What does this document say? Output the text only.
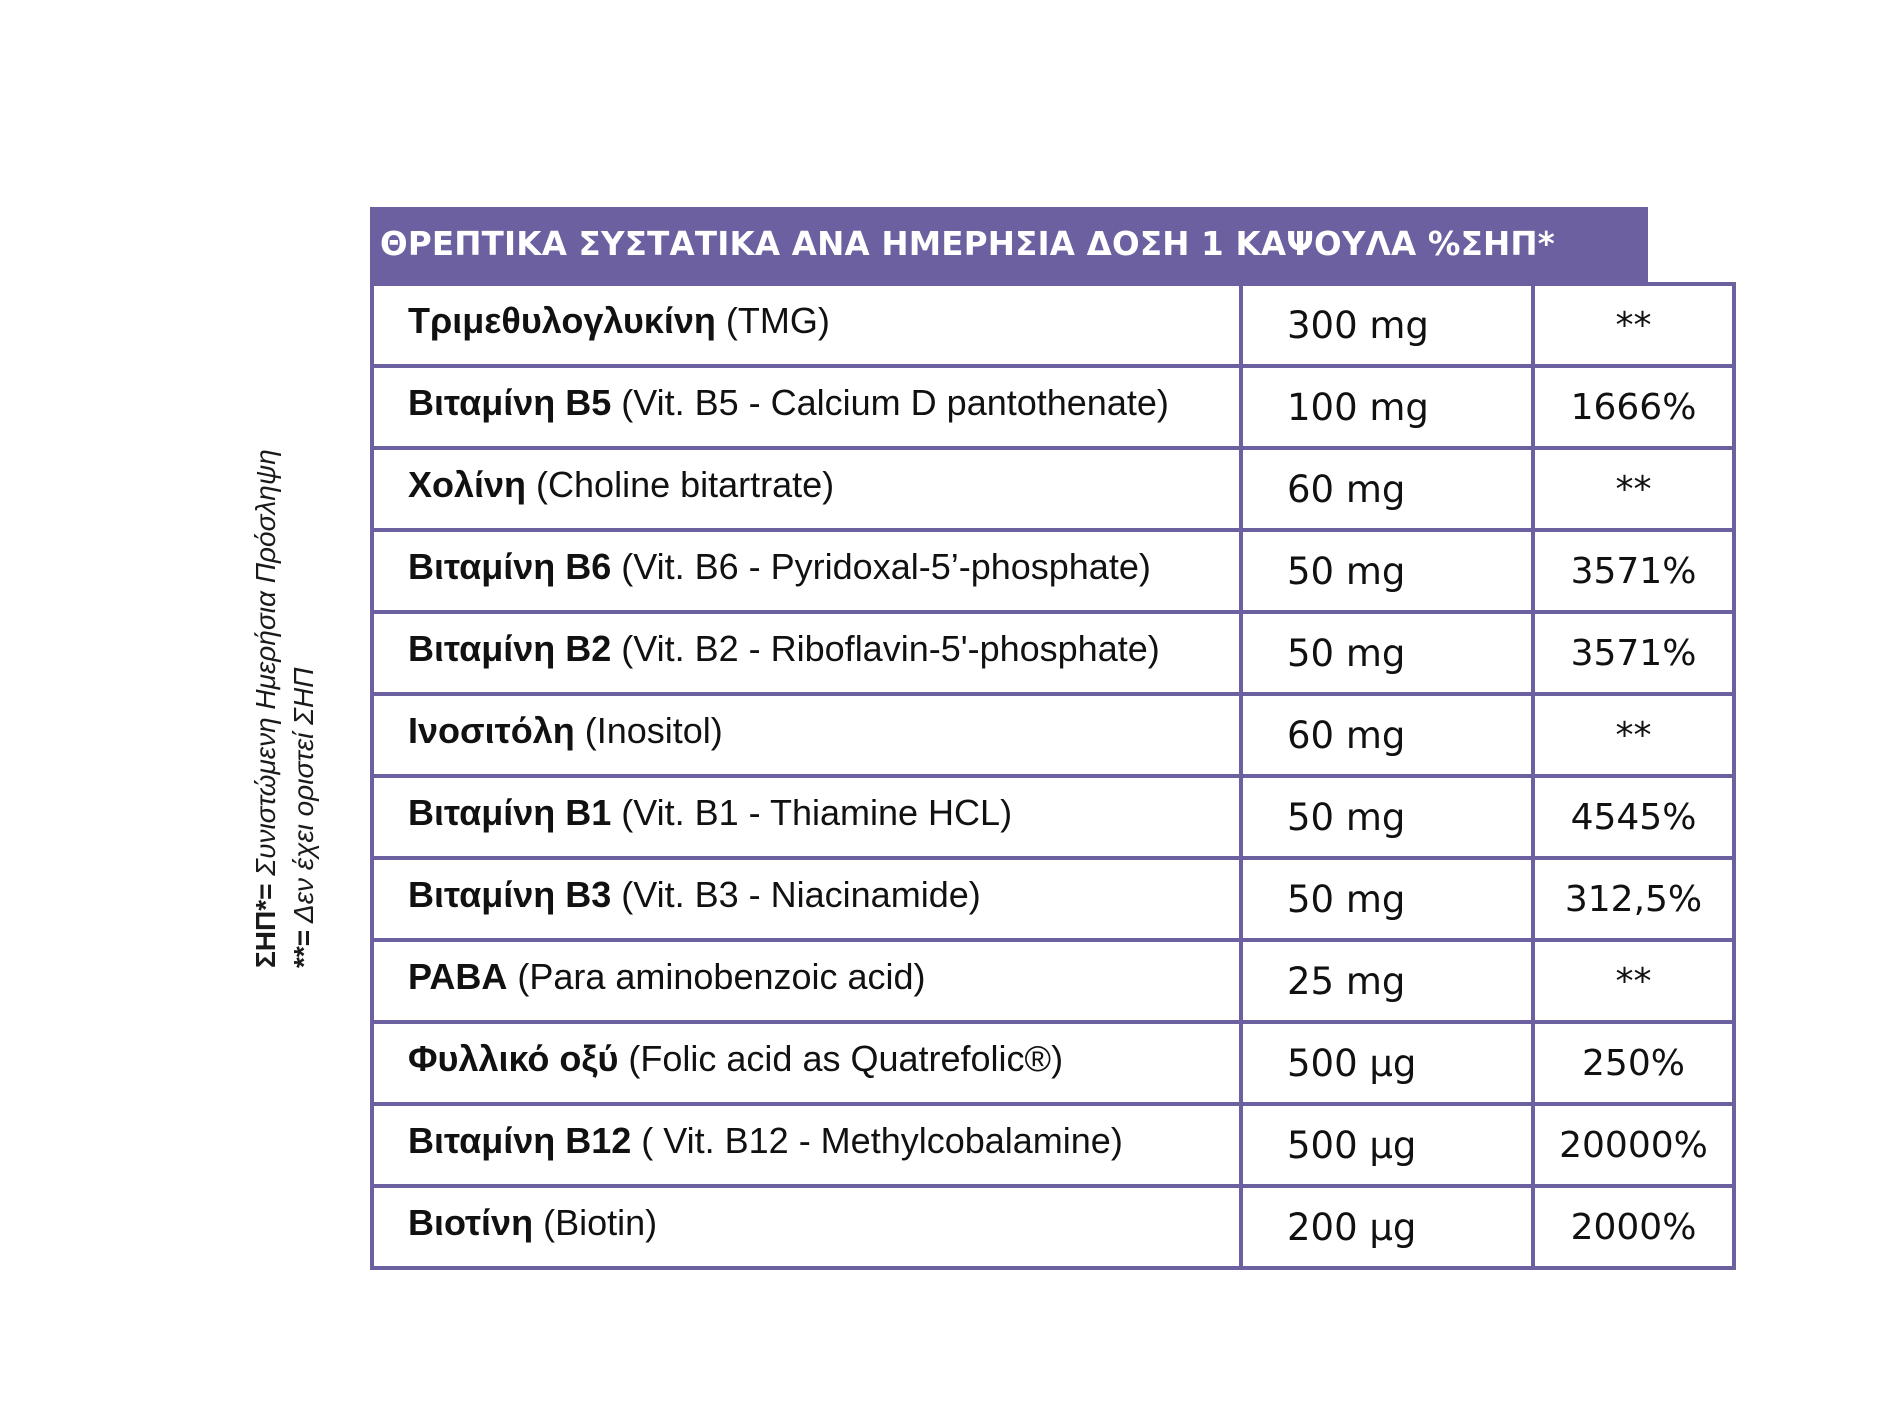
ΣΗΠ*= Συνιστώμενη Ημερήσια Πρόσληψη
**= Δεν έχει οριστεί ΣΗΠ
ΘΡΕΠΤΙΚΑ ΣΥΣΤΑΤΙΚΑ ΑΝΑ ΗΜΕΡΗΣΙΑ ΔΟΣΗ 1 ΚΑΨΟΥΛΑ %ΣΗΠ*
Τριμεθυλογλυκίνη (TMG)	300 mg	**
Βιταμίνη B5 (Vit. B5 - Calcium D pantothenate)	100 mg	1666%
Χολίνη (Choline bitartrate)	60 mg	**
Βιταμίνη B6 (Vit. B6 - Pyridoxal-5’-phosphate)	50 mg	3571%
Βιταμίνη B2 (Vit. B2 - Riboflavin-5'-phosphate)	50 mg	3571%
Ινοσιτόλη (Inositol)	60 mg	**
Βιταμίνη B1 (Vit. B1 - Thiamine HCL)	50 mg	4545%
Βιταμίνη B3 (Vit. B3 - Niacinamide)	50 mg	312,5%
PABA (Para aminobenzoic acid)	25 mg	**
Φυλλικό οξύ (Folic acid as Quatrefolic®)	500 μg	250%
Βιταμίνη B12 ( Vit. B12 - Methylcobalamine)	500 μg	20000%
Βιοτίνη (Biotin)	200 μg	2000%
